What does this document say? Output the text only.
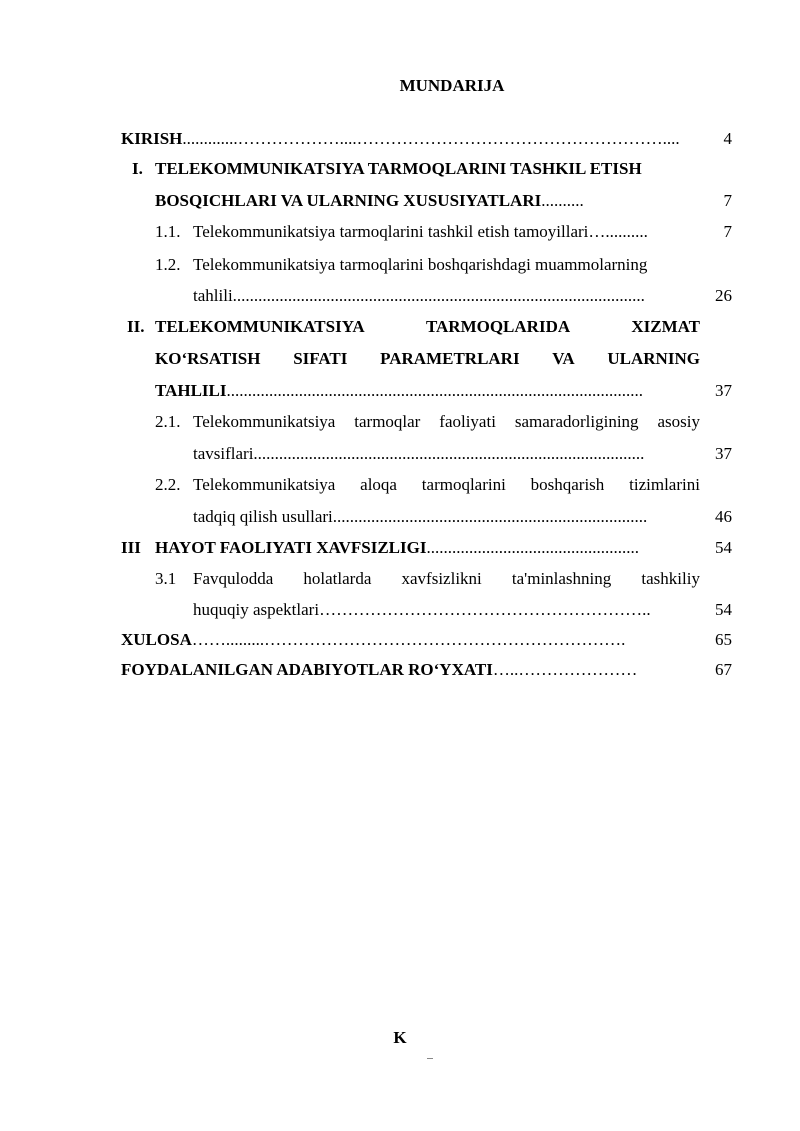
MUNDARIJA
KIRISH.............………………....………………………………………………....	4
I. TELEKOMMUNIKATSIYA TARMOQLARINI TASHKIL ETISH
BOSQICHLARI VA ULARNING XUSUSIYATLARI..........	7
1.1. Telekommunikatsiya tarmoqlarini tashkil etish tamoyillari…..........	7
1.2. Telekommunikatsiya tarmoqlarini boshqarishdagi muammolarning
tahlili.................................................................................................	26
II. TELEKOMMUNIKATSIYA	TARMOQLARIDA	XIZMAT
KO‘RSATISH SIFATI PARAMETRLARI VA ULARNING
TAHLILI..................................................................................................	37
2.1. Telekommunikatsiya tarmoqlar faoliyati samaradorligining asosiy
tavsiflari............................................................................................	37
2.2. Telekommunikatsiya aloqa tarmoqlarini boshqarish tizimlarini
tadqiq qilish usullari..........................................................................	46
III HAYOT FAOLIYATI XAVFSIZLIGI..................................................	54
3.1 Favqulodda holatlarda xavfsizlikni ta'minlashning tashkiliy
huquqiy aspektlari…………………………………………………..	54
XULOSA…….........……………………………………………………….	65
FOYDALANILGAN ADABIYOTLAR RO‘YXATI…..…………………	67
K
